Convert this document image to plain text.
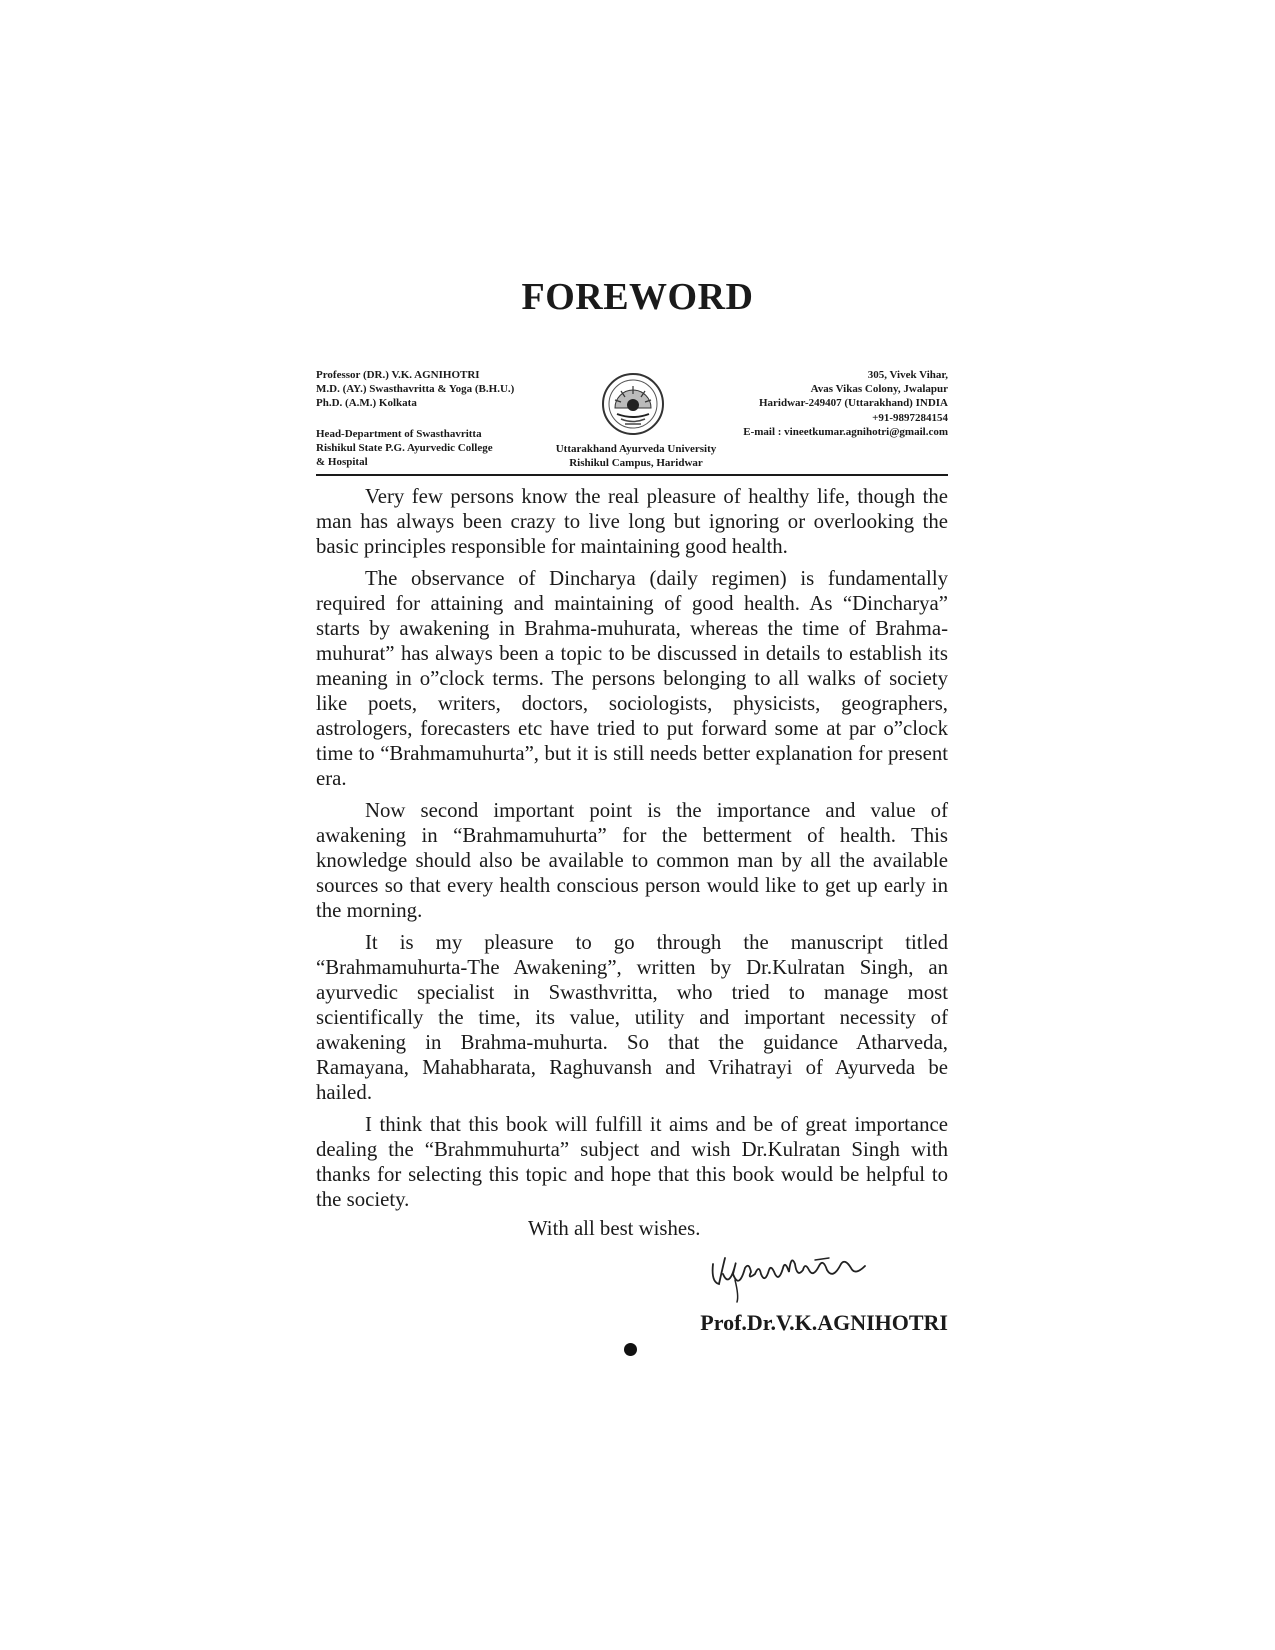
FOREWORD
Professor (DR.) V.K. AGNIHOTRI
M.D. (AY.) Swasthavritta & Yoga (B.H.U.)
Ph.D. (A.M.) Kolkata
Head-Department of Swasthavritta
Rishikul State P.G. Ayurvedic College
& Hospital
Uttarakhand Ayurveda University
Rishikul Campus, Haridwar
305, Vivek Vihar,
Avas Vikas Colony, Jwalapur
Haridwar-249407 (Uttarakhand) INDIA
+91-9897284154
E-mail : vineetkumar.agnihotri@gmail.com

Very few persons know the real pleasure of healthy life, though the man has always been crazy to live long but ignoring or overlooking the basic principles responsible for maintaining good health.

The observance of Dincharya (daily regimen) is fundamentally required for attaining and maintaining of good health. As “Dincharya” starts by awakening in Brahma-muhurata, whereas the time of Brahma-muhurat” has always been a topic to be discussed in details to establish its meaning in o”clock terms. The persons belonging to all walks of society like poets, writers, doctors, sociologists, physicists, geographers, astrologers, forecasters etc have tried to put forward some at par o”clock time to “Brahmamuhurta”, but it is still needs better explanation for present era.

Now second important point is the importance and value of awakening in “Brahmamuhurta” for the betterment of health. This knowledge should also be available to common man by all the available sources so that every health conscious person would like to get up early in the morning.

It is my pleasure to go through the manuscript titled “Brahmamuhurta-The Awakening”, written by Dr.Kulratan Singh, an ayurvedic specialist in Swasthvritta, who tried to manage most scientifically the time, its value, utility and important necessity of awakening in Brahma-muhurta. So that the guidance Atharveda, Ramayana, Mahabharata, Raghuvansh and Vrihatrayi of Ayurveda be hailed.

I think that this book will fulfill it aims and be of great importance dealing the “Brahmmuhurta” subject and wish Dr.Kulratan Singh with thanks for selecting this topic and hope that this book would be helpful to the society.

With all best wishes.
Prof.Dr.V.K.AGNIHOTRI
